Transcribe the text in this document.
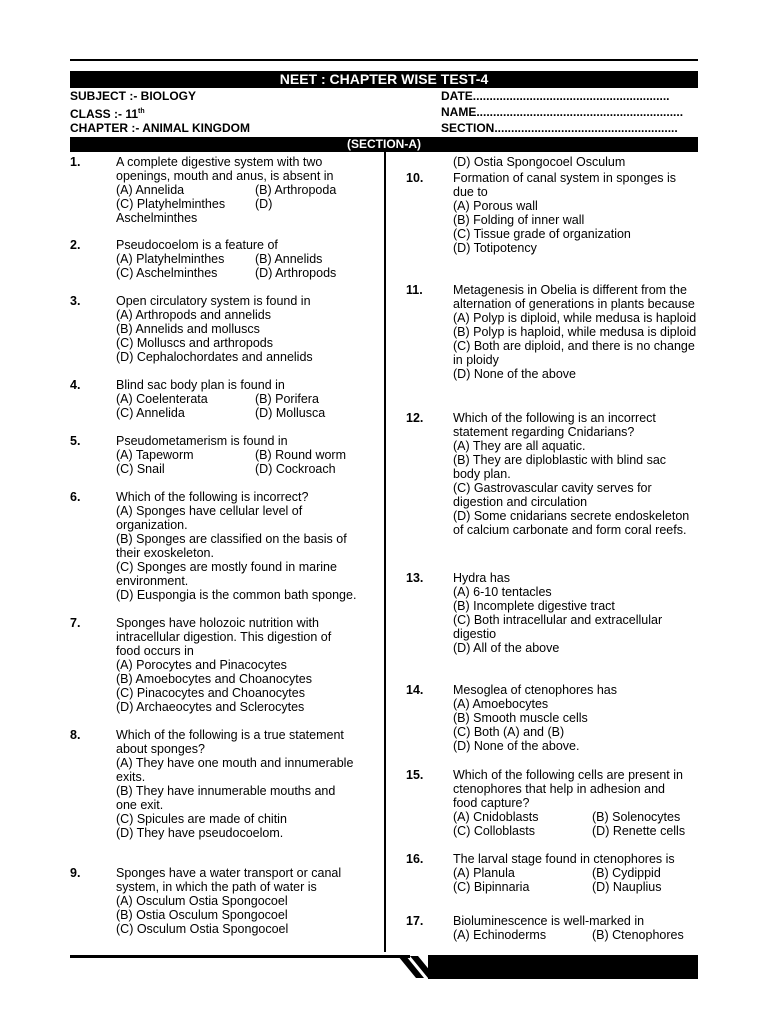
NEET : CHAPTER WISE TEST-4
SUBJECT :- BIOLOGY
CLASS :- 11th
CHAPTER :- ANIMAL KINGDOM
DATE...........................................................
NAME..............................................................
SECTION.......................................................
(SECTION-A)
1.	A complete digestive system with two
openings, mouth and anus, is absent in
(A) Annelida	(B) Arthropoda
(C) Platyhelminthes	(D)
Aschelminthes
2.	Pseudocoelom is a feature of
(A) Platyhelminthes	(B) Annelids
(C) Aschelminthes	(D) Arthropods
3.	Open circulatory system is found in
(A) Arthropods and annelids
(B) Annelids and molluscs
(C) Molluscs and arthropods
(D) Cephalochordates and annelids
4.	Blind sac body plan is found in
(A) Coelenterata	(B) Porifera
(C) Annelida	(D) Mollusca
5.	Pseudometamerism is found in
(A) Tapeworm	(B) Round worm
(C) Snail	(D) Cockroach
6.	Which of the following is incorrect?
(A) Sponges have cellular level of
organization.
(B) Sponges are classified on the basis of
their exoskeleton.
(C) Sponges are mostly found in marine
environment.
(D) Euspongia is the common bath sponge.
7.	Sponges have holozoic nutrition with
intracellular digestion. This digestion of
food occurs in
(A) Porocytes and Pinacocytes
(B) Amoebocytes and Choanocytes
(C) Pinacocytes and Choanocytes
(D) Archaeocytes and Sclerocytes
8.	Which of the following is a true statement
about sponges?
(A) They have one mouth and innumerable
exits.
(B) They have innumerable mouths and
one exit.
(C) Spicules are made of chitin
(D) They have pseudocoelom.
9.	Sponges have a water transport or canal
system, in which the path of water is
(A) Osculum Ostia Spongocoel
(B) Ostia Osculum Spongocoel
(C) Osculum Ostia Spongocoel
(D) Ostia Spongocoel Osculum
10. Formation of canal system in sponges is
due to
(A) Porous wall
(B) Folding of inner wall
(C) Tissue grade of organization
(D) Totipotency
11. Metagenesis in Obelia is different from the
alternation of generations in plants because
(A) Polyp is diploid, while medusa is haploid
(B) Polyp is haploid, while medusa is diploid
(C) Both are diploid, and there is no change
in ploidy
(D) None of the above
12. Which of the following is an incorrect
statement regarding Cnidarians?
(A) They are all aquatic.
(B) They are diploblastic with blind sac
body plan.
(C) Gastrovascular cavity serves for
digestion and circulation
(D) Some cnidarians secrete endoskeleton
of calcium carbonate and form coral reefs.
13. Hydra has
(A) 6-10 tentacles
(B) Incomplete digestive tract
(C) Both intracellular and extracellular
digestio
(D) All of the above
14. Mesoglea of ctenophores has
(A) Amoebocytes
(B) Smooth muscle cells
(C) Both (A) and (B)
(D) None of the above.
15. Which of the following cells are present in
ctenophores that help in adhesion and
food capture?
(A) Cnidoblasts	(B) Solenocytes
(C) Colloblasts	(D) Renette cells
16. The larval stage found in ctenophores is
(A) Planula	(B) Cydippid
(C) Bipinnaria	(D) Nauplius
17. Bioluminescence is well-marked in
(A) Echinoderms	(B) Ctenophores
